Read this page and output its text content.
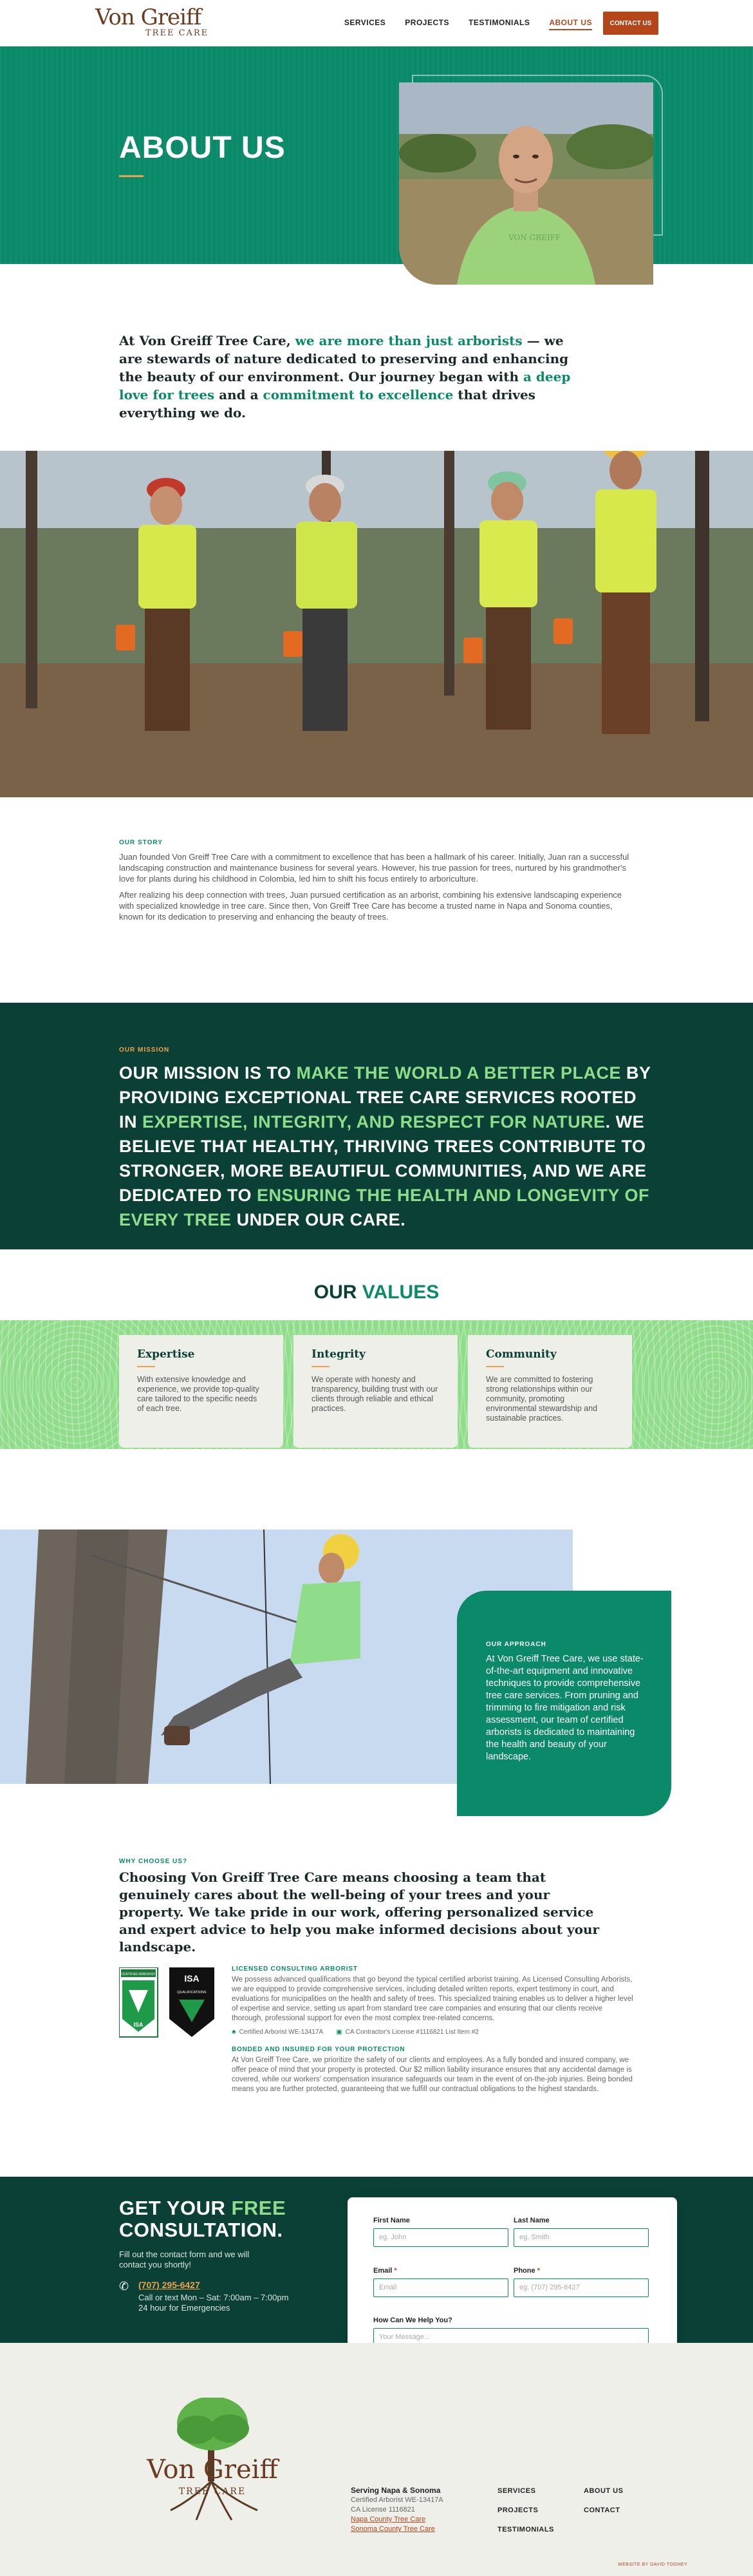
Von Greiff
TREE CARE
SERVICES	PROJECTS	TESTIMONIALS	ABOUT US	CONTACT US
ABOUT US
VON GREIFF
At Von Greiff Tree Care, we are more than just arborists — we are stewards of nature dedicated to preserving and enhancing the beauty of our environment. Our journey began with a deep love for trees and a commitment to excellence that drives everything we do.
OUR STORY

Juan founded Von Greiff Tree Care with a commitment to excellence that has been a hallmark of his career. Initially, Juan ran a successful landscaping construction and maintenance business for several years. However, his true passion for trees, nurtured by his grandmother's love for plants during his childhood in Colombia, led him to shift his focus entirely to arboriculture.

After realizing his deep connection with trees, Juan pursued certification as an arborist, combining his extensive landscaping experience with specialized knowledge in tree care. Since then, Von Greiff Tree Care has become a trusted name in Napa and Sonoma counties, known for its dedication to preserving and enhancing the beauty of trees.

OUR MISSION
OUR MISSION IS TO MAKE THE WORLD A BETTER PLACE BY PROVIDING EXCEPTIONAL TREE CARE SERVICES ROOTED IN EXPERTISE, INTEGRITY, AND RESPECT FOR NATURE. WE BELIEVE THAT HEALTHY, THRIVING TREES CONTRIBUTE TO STRONGER, MORE BEAUTIFUL COMMUNITIES, AND WE ARE DEDICATED TO ENSURING THE HEALTH AND LONGEVITY OF EVERY TREE UNDER OUR CARE.
OUR VALUES
Expertise

With extensive knowledge and experience, we provide top-quality care tailored to the specific needs of each tree.

Integrity

We operate with honesty and transparency, building trust with our clients through reliable and ethical practices.

Community

We are committed to fostering strong relationships within our community, promoting environmental stewardship and sustainable practices.

OUR APPROACH

At Von Greiff Tree Care, we use state-of-the-art equipment and innovative techniques to provide comprehensive tree care services. From pruning and trimming to fire mitigation and risk assessment, our team of certified arborists is dedicated to maintaining the health and beauty of your landscape.

WHY CHOOSE US?
Choosing Von Greiff Tree Care means choosing a team that genuinely cares about the well-being of your trees and your property. We take pride in our work, offering personalized service and expert advice to help you make informed decisions about your landscape.
CERTIFIED ARBORIST
ISA
ISA
QUALIFICATIONS
LICENSED CONSULTING ARBORIST

We possess advanced qualifications that go beyond the typical certified arborist training. As Licensed Consulting Arborists, we are equipped to provide comprehensive services, including detailed written reports, expert testimony in court, and evaluations for municipalities on the health and safety of trees. This specialized training enables us to deliver a higher level of expertise and service, setting us apart from standard tree care companies and ensuring that our clients receive thorough, professional support for even the most complex tree-related concerns.

♣ Certified Arborist WE-13417A ▣ CA Contractor's License #1116821 List Item #2
BONDED AND INSURED FOR YOUR PROTECTION

At Von Greiff Tree Care, we prioritize the safety of our clients and employees. As a fully bonded and insured company, we offer peace of mind that your property is protected. Our $2 million liability insurance ensures that any accidental damage is covered, while our workers' compensation insurance safeguards our team in the event of on-the-job injuries. Being bonded means you are further protected, guaranteeing that we fulfill our contractual obligations to the highest standards.

GET YOUR FREE
CONSULTATION.
Fill out the contact form and we will contact you shortly!
✆	(707) 295-6427
Call or text Mon – Sat: 7:00am – 7:00pm
24 hour for Emergencies
First Name
eg. John
Last Name
eg. Smith
Email *
Email
Phone *
eg. (707) 295-6427
How Can We Help You?
Your Message...
Von Greiff
TREE CARE	Serving Napa & Sonoma
Certified Arborist WE-13417A
CA License 1116821
Napa County Tree Care
Sonoma County Tree Care
SERVICES
PROJECTS
TESTIMONIALS
ABOUT US
CONTACT
WEBSITE BY DAVID TOOHEY
